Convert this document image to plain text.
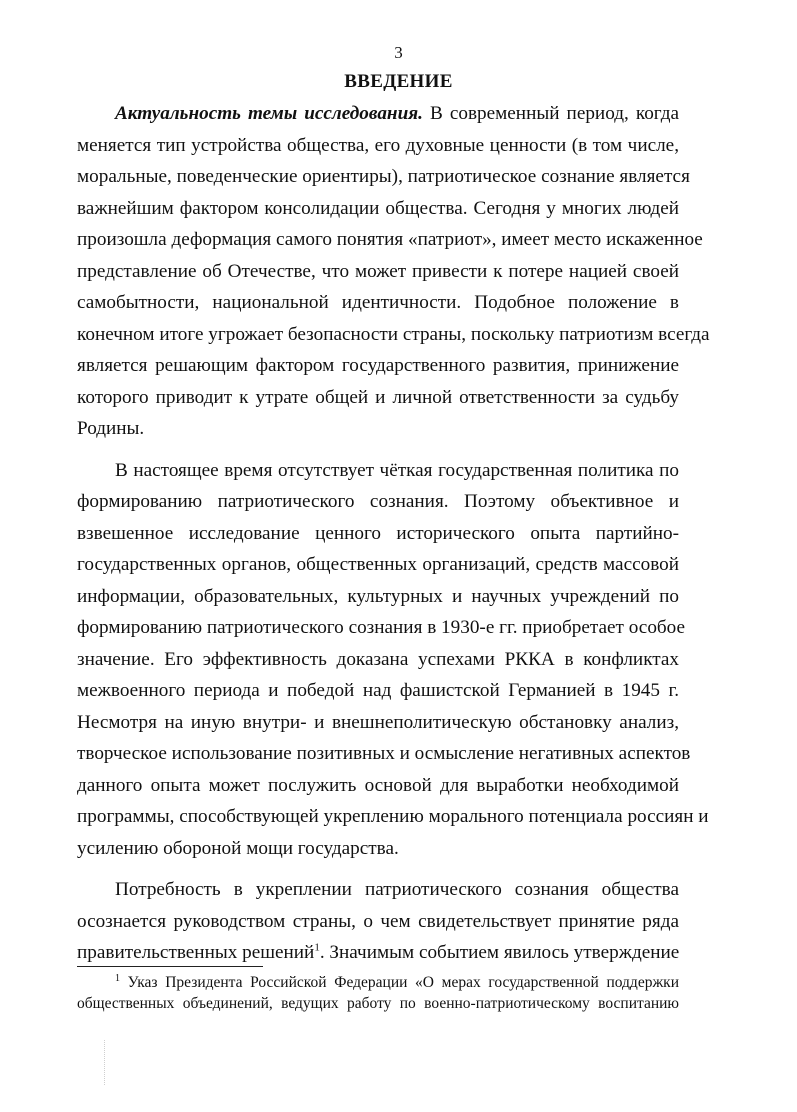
3
ВВЕДЕНИЕ
Актуальность темы исследования. В современный период, когда
меняется тип устройства общества, его духовные ценности (в том числе,
моральные, поведенческие ориентиры), патриотическое сознание является
важнейшим фактором консолидации общества. Сегодня у многих людей
произошла деформация самого понятия «патриот», имеет место искаженное
представление об Отечестве, что может привести к потере нацией своей
самобытности, национальной идентичности. Подобное положение в
конечном итоге угрожает безопасности страны, поскольку патриотизм всегда
является решающим фактором государственного развития, принижение
которого приводит к утрате общей и личной ответственности за судьбу
Родины.
В настоящее время отсутствует чёткая государственная политика по
формированию патриотического сознания. Поэтому объективное и
взвешенное исследование ценного исторического опыта партийно-
государственных органов, общественных организаций, средств массовой
информации, образовательных, культурных и научных учреждений по
формированию патриотического сознания в 1930-е гг. приобретает особое
значение. Его эффективность доказана успехами РККА в конфликтах
межвоенного периода и победой над фашистской Германией в 1945 г.
Несмотря на иную внутри- и внешнеполитическую обстановку анализ,
творческое использование позитивных и осмысление негативных аспектов
данного опыта может послужить основой для выработки необходимой
программы, способствующей укреплению морального потенциала россиян и
усилению обороной мощи государства.
Потребность в укреплении патриотического сознания общества
осознается руководством страны, о чем свидетельствует принятие ряда
правительственных решений$^1$. Значимым событием явилось утверждение
$^1$ Указ Президента Российской Федерации «О мерах государственной поддержки
общественных объединений, ведущих работу по военно-патриотическому воспитанию
